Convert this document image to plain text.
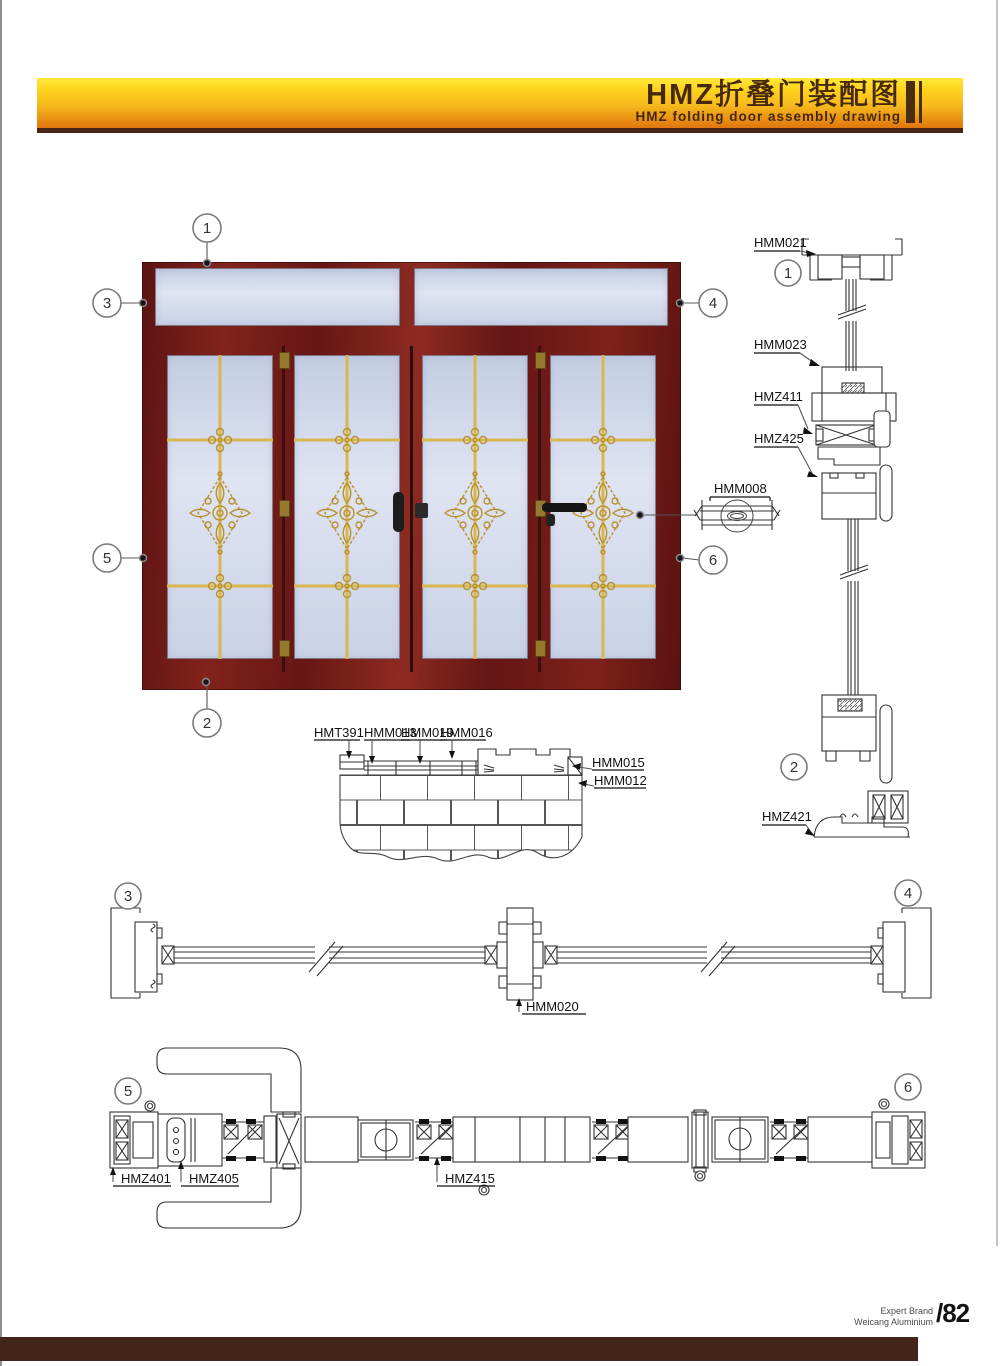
HMZ折叠门装配图
HMZ folding door assembly drawing
1
2
3	4
5	6
HMM008
HMM021
1
HMM023
HMZ411
HMZ425
2
HMZ421
HMT391 HMM013
HMM019
HMM016
HMM015
HMM012
3	4
HMM020
5	6
HMZ401 HMZ405	HMZ415
Expert Brand
Weicang Aluminium /82
